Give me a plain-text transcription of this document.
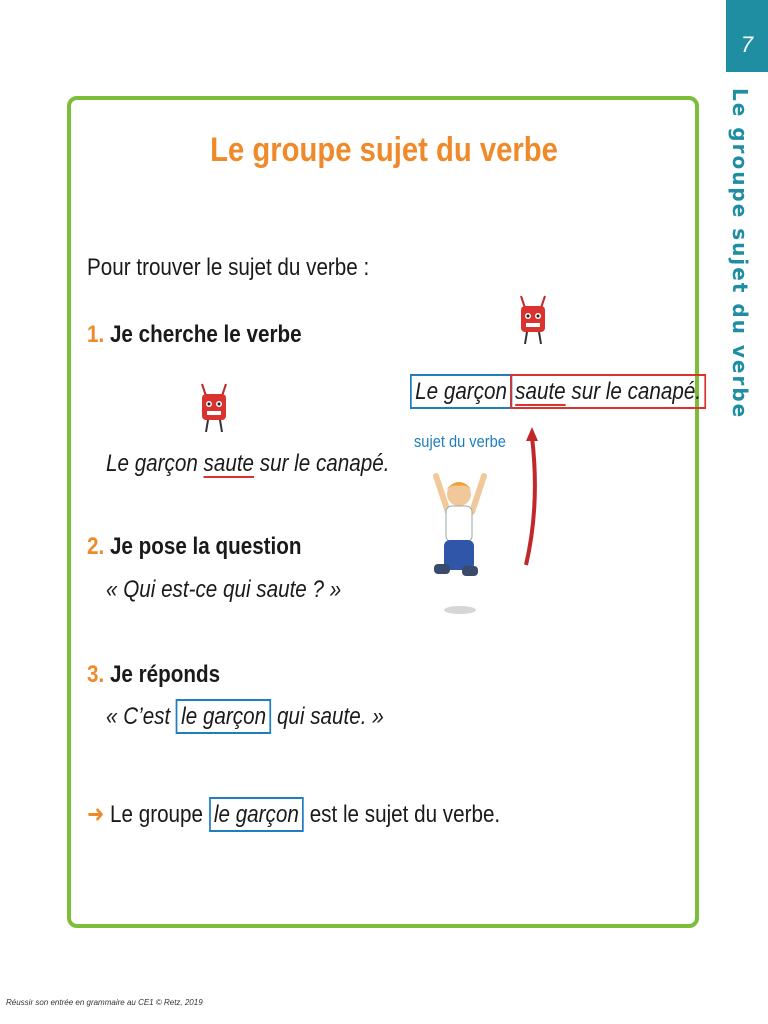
7
Le groupe sujet du verbe
Le groupe sujet du verbe
Pour trouver le sujet du verbe :
1. Je cherche le verbe
Le garçon saute sur le canapé.
2. Je pose la question
« Qui est-ce qui saute ? »
3. Je réponds
« C’est le garçon qui saute. »
➜ Le groupe le garçon est le sujet du verbe.
Le garçon saute sur le canapé.
sujet du verbe
Réussir son entrée en grammaire au CE1 © Retz, 2019
